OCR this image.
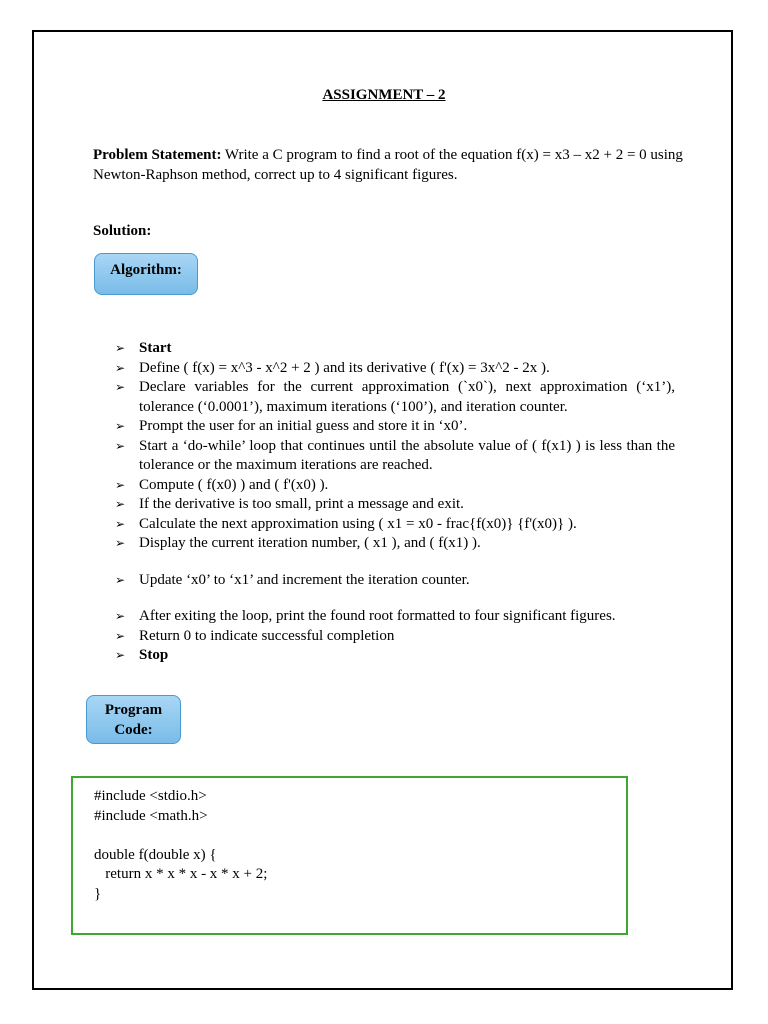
ASSIGNMENT – 2
Problem Statement: Write a C program to find a root of the equation f(x) = x3 – x2 + 2 = 0 using Newton-Raphson method, correct up to 4 significant figures.
Solution:
Algorithm:
➢ Start
➢ Define ( f(x) = x^3 - x^2 + 2 ) and its derivative ( f'(x) = 3x^2 - 2x ).
➢ Declare variables for the current approximation (`x0`), next approximation (‘x1’), tolerance (‘0.0001’), maximum iterations (‘100’), and iteration counter.
➢ Prompt the user for an initial guess and store it in ‘x0’.
➢ Start a ‘do-while’ loop that continues until the absolute value of ( f(x1) ) is less than the tolerance or the maximum iterations are reached.
➢ Compute ( f(x0) ) and ( f'(x0) ).
➢ If the derivative is too small, print a message and exit.
➢ Calculate the next approximation using ( x1 = x0 - frac{f(x0)} {f'(x0)} ).
➢ Display the current iteration number, ( x1 ), and ( f(x1) ).
➢ Update ‘x0’ to ‘x1’ and increment the iteration counter.
➢ After exiting the loop, print the found root formatted to four significant figures.
➢ Return 0 to indicate successful completion
➢ Stop
Program
Code:
#include <stdio.h>
#include <math.h>
double f(double x) {
return x * x * x - x * x + 2;
}
